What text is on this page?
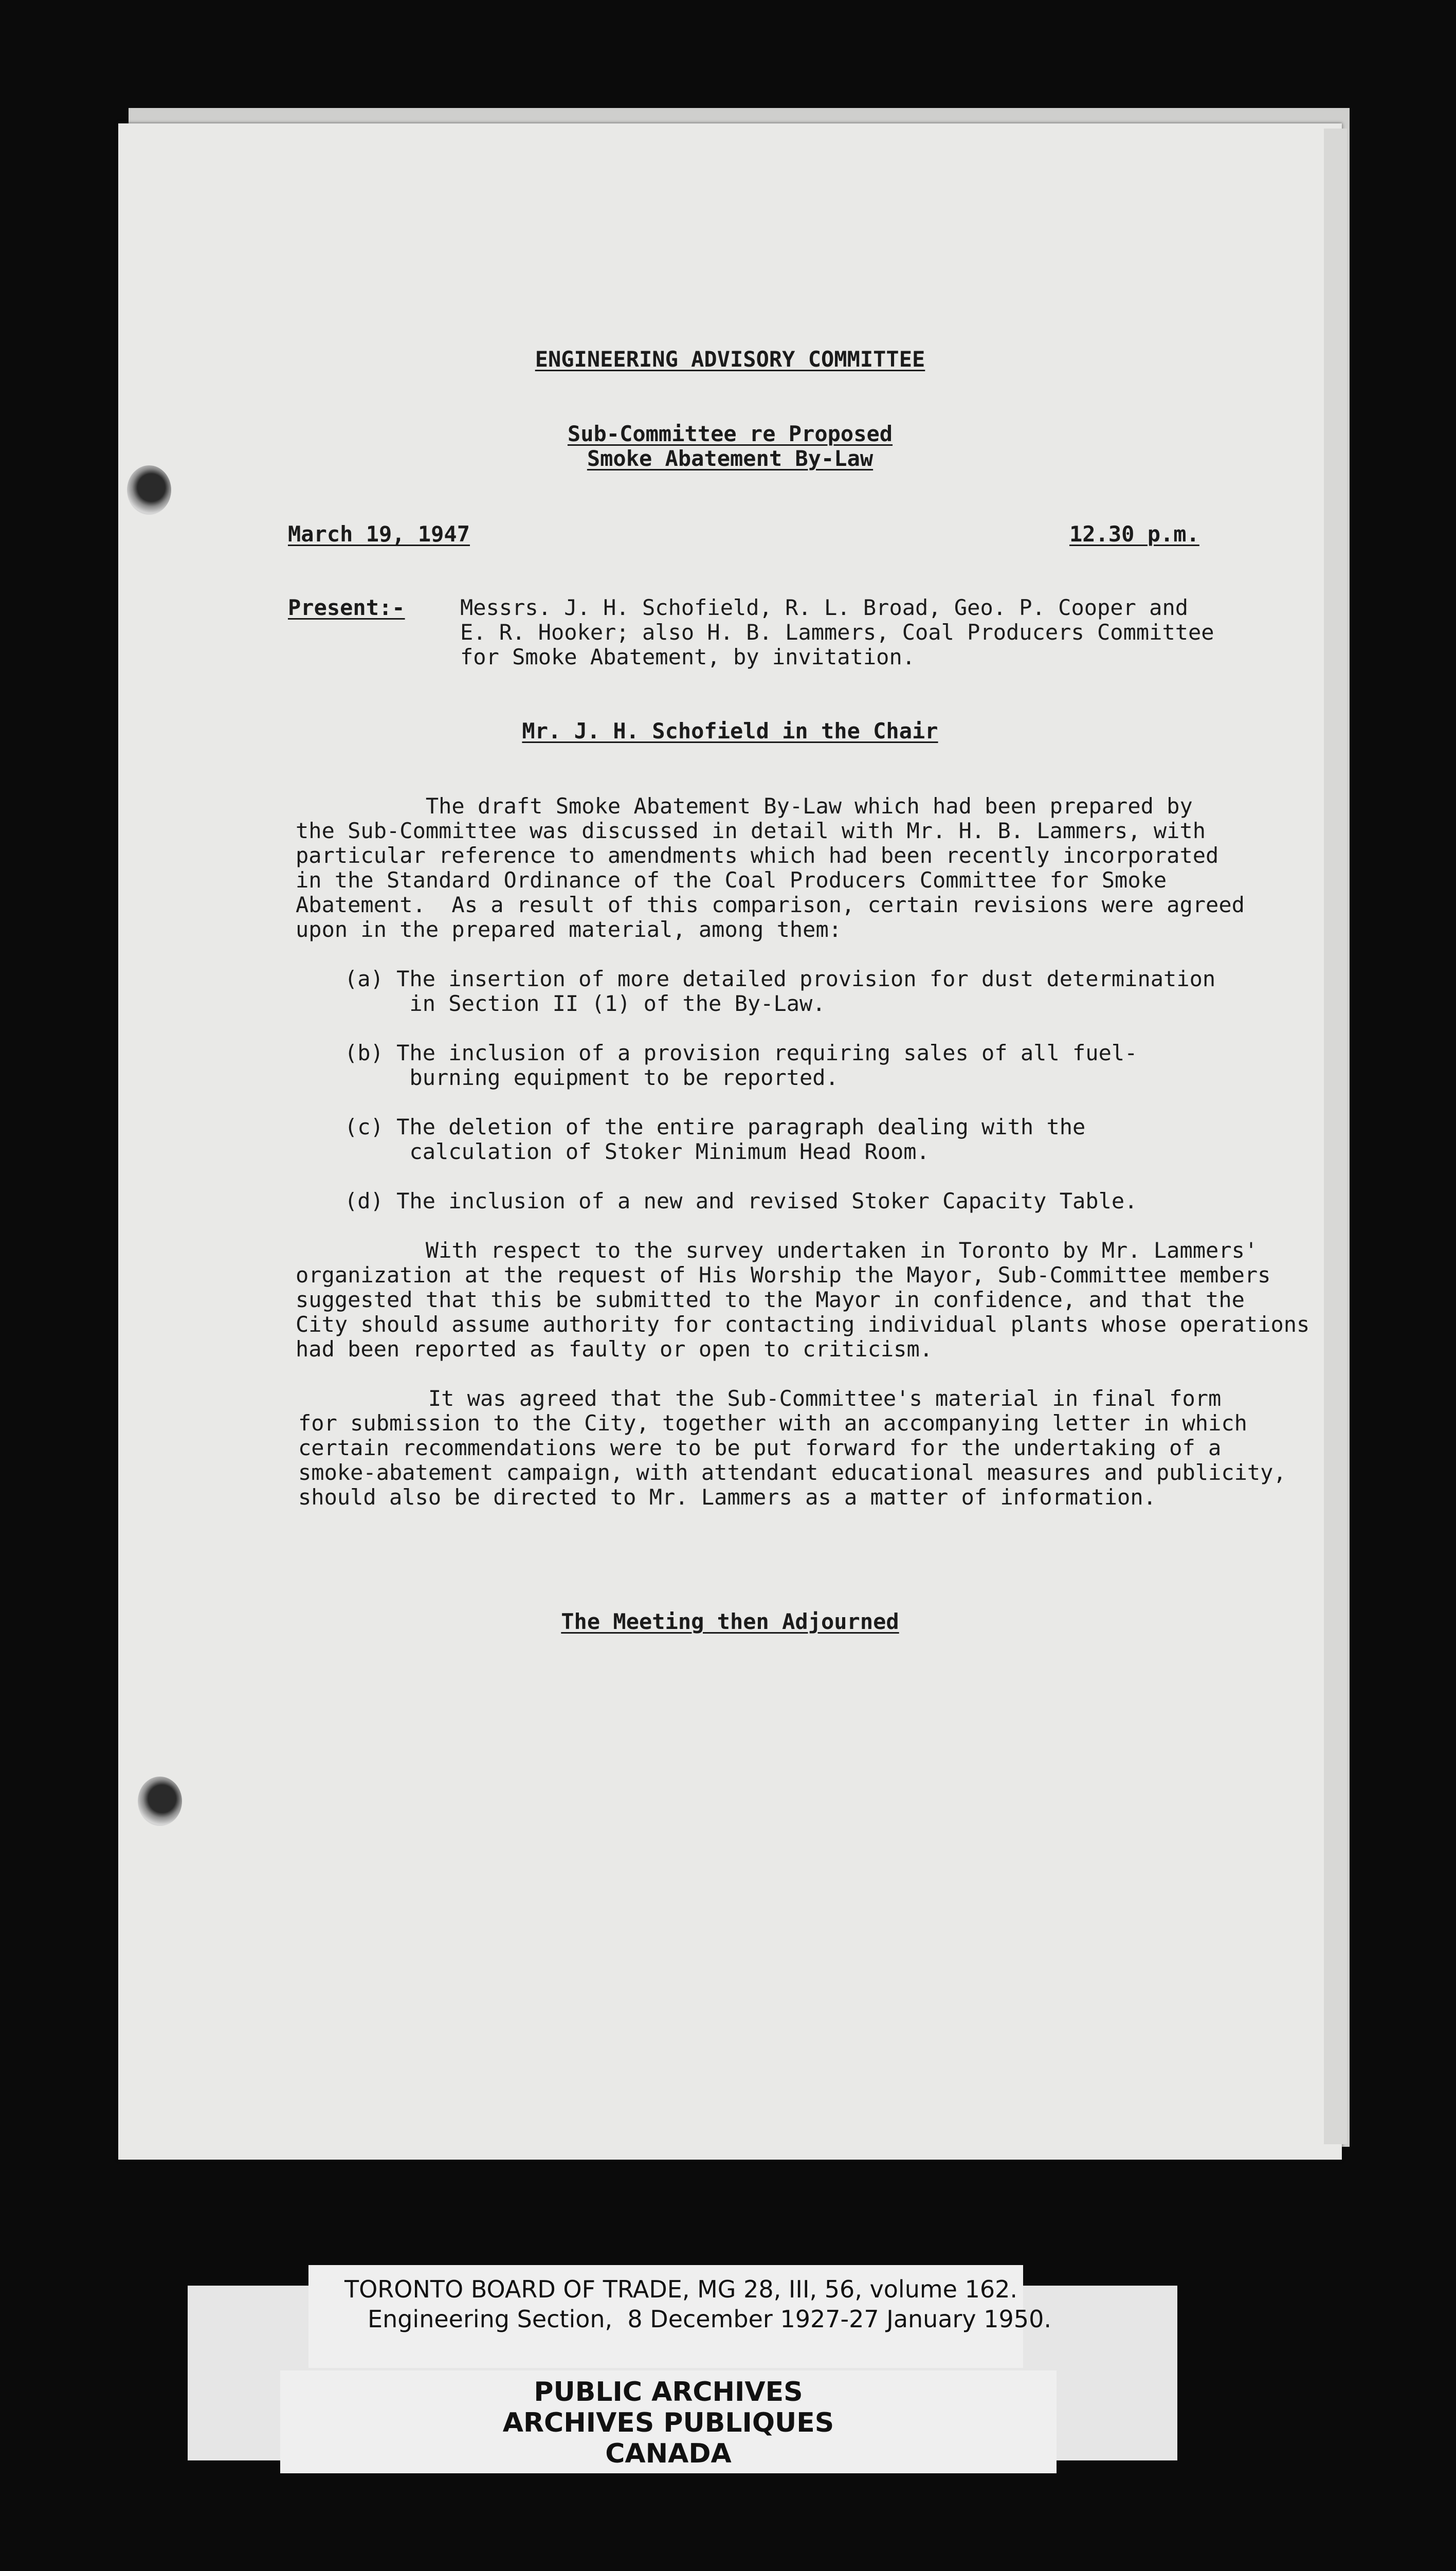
ENGINEERING ADVISORY COMMITTEE
Sub-Committee re Proposed
Smoke Abatement By-Law
March 19, 1947	12.30 p.m.
Present:-	Messrs. J. H. Schofield, R. L. Broad, Geo. P. Cooper and
E. R. Hooker; also H. B. Lammers, Coal Producers Committee
for Smoke Abatement, by invitation.
Mr. J. H. Schofield in the Chair
The draft Smoke Abatement By-Law which had been prepared by
the Sub-Committee was discussed in detail with Mr. H. B. Lammers, with
particular reference to amendments which had been recently incorporated
in the Standard Ordinance of the Coal Producers Committee for Smoke
Abatement.  As a result of this comparison, certain revisions were agreed
upon in the prepared material, among them:
(a) The insertion of more detailed provision for dust determination
in Section II (1) of the By-Law.
(b) The inclusion of a provision requiring sales of all fuel-
burning equipment to be reported.
(c) The deletion of the entire paragraph dealing with the
calculation of Stoker Minimum Head Room.
(d) The inclusion of a new and revised Stoker Capacity Table.
With respect to the survey undertaken in Toronto by Mr. Lammers'
organization at the request of His Worship the Mayor, Sub-Committee members
suggested that this be submitted to the Mayor in confidence, and that the
City should assume authority for contacting individual plants whose operations
had been reported as faulty or open to criticism.
It was agreed that the Sub-Committee's material in final form
for submission to the City, together with an accompanying letter in which
certain recommendations were to be put forward for the undertaking of a
smoke-abatement campaign, with attendant educational measures and publicity,
should also be directed to Mr. Lammers as a matter of information.
The Meeting then Adjourned
TORONTO BOARD OF TRADE, MG 28, III, 56, volume 162.
Engineering Section,  8 December 1927-27 January 1950.
PUBLIC ARCHIVES
ARCHIVES PUBLIQUES
CANADA
